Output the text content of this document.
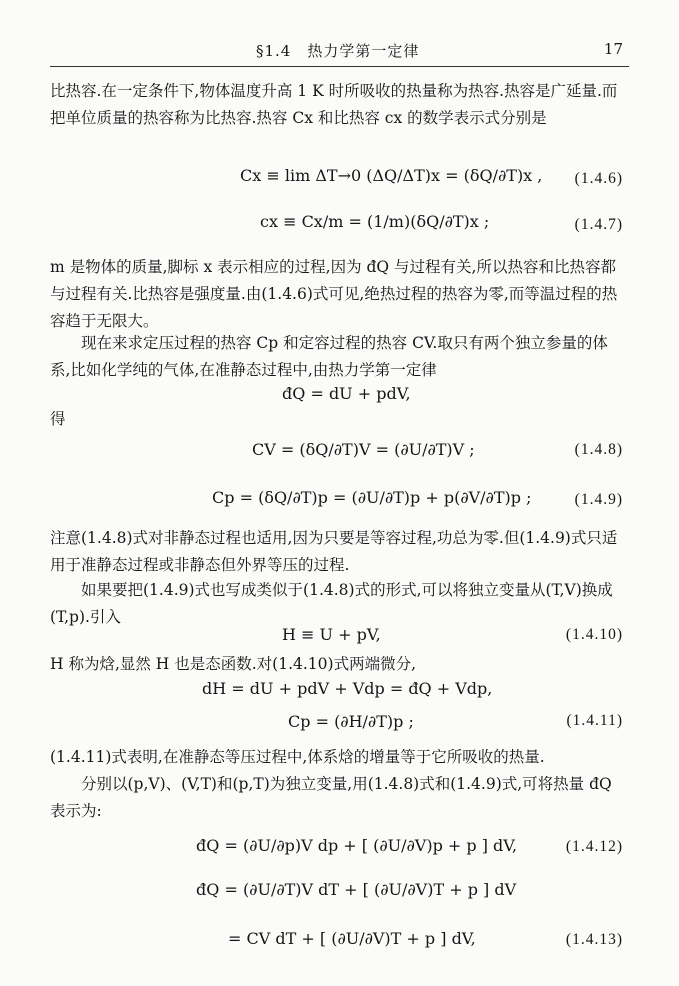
§1.4　热力学第一定律	17
比热容.在一定条件下,物体温度升高 1 K 时所吸收的热量称为热容.热容是广延量.而把单位质量的热容称为比热容.热容 Cx 和比热容 cx 的数学表示式分别是
Cx ≡ lim ΔT→0 (ΔQ/ΔT)x = (δQ/∂T)x , (1.4.6)
cx ≡ Cx/m = (1/m)(δQ/∂T)x ;	(1.4.7)
m 是物体的质量,脚标 x 表示相应的过程,因为 đQ 与过程有关,所以热容和比热容都与过程有关.比热容是强度量.由(1.4.6)式可见,绝热过程的热容为零,而等温过程的热容趋于无限大。
现在来求定压过程的热容 Cp 和定容过程的热容 CV.取只有两个独立参量的体系,比如化学纯的气体,在准静态过程中,由热力学第一定律
đQ = dU + pdV,
得
CV = (δQ/∂T)V = (∂U/∂T)V ;	(1.4.8)
Cp = (δQ/∂T)p = (∂U/∂T)p + p(∂V/∂T)p ;	(1.4.9)
注意(1.4.8)式对非静态过程也适用,因为只要是等容过程,功总为零.但(1.4.9)式只适用于准静态过程或非静态但外界等压的过程.
如果要把(1.4.9)式也写成类似于(1.4.8)式的形式,可以将独立变量从(T,V)换成(T,p).引入
H ≡ U + pV,	(1.4.10)
H 称为焓,显然 H 也是态函数.对(1.4.10)式两端微分,
dH = dU + pdV + Vdp = đQ + Vdp,
Cp = (∂H/∂T)p ;	(1.4.11)
(1.4.11)式表明,在准静态等压过程中,体系焓的增量等于它所吸收的热量.
分别以(p,V)、(V,T)和(p,T)为独立变量,用(1.4.8)式和(1.4.9)式,可将热量 đQ 表示为:
đQ = (∂U/∂p)V dp + [ (∂U/∂V)p + p ] dV,	(1.4.12)
đQ = (∂U/∂T)V dT + [ (∂U/∂V)T + p ] dV
= CV dT + [ (∂U/∂V)T + p ] dV,	(1.4.13)
